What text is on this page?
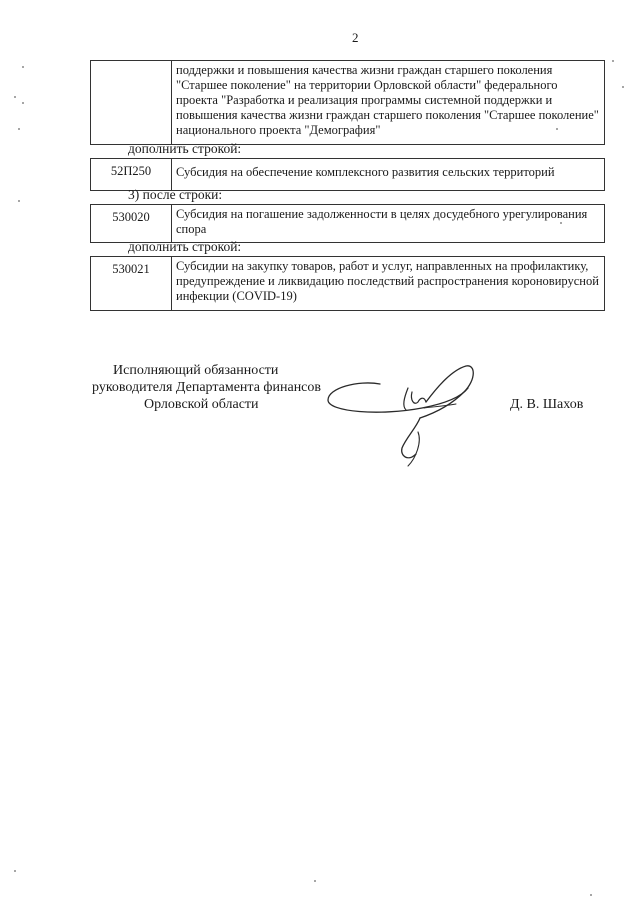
2
	поддержки и повышения качества жизни граждан старшего поколения "Старшее поколение" на территории Орловской области" федерального проекта "Разработка и реализация программы системной поддержки и повышения качества жизни граждан старшего поколения "Старшее поколение" национального проекта "Демография"
дополнить строкой:
52П250	Субсидия на обеспечение комплексного развития сельских территорий
3) после строки:
530020	Субсидия на погашение задолженности в целях досудебного урегулирования спора
дополнить строкой:
530021	Субсидии на закупку товаров, работ и услуг, направленных на профилактику, предупреждение и ликвидацию последствий распространения короновирусной инфекции (COVID-19)
Исполняющий обязанности
руководителя Департамента финансов
Орловской области	Д. В. Шахов
